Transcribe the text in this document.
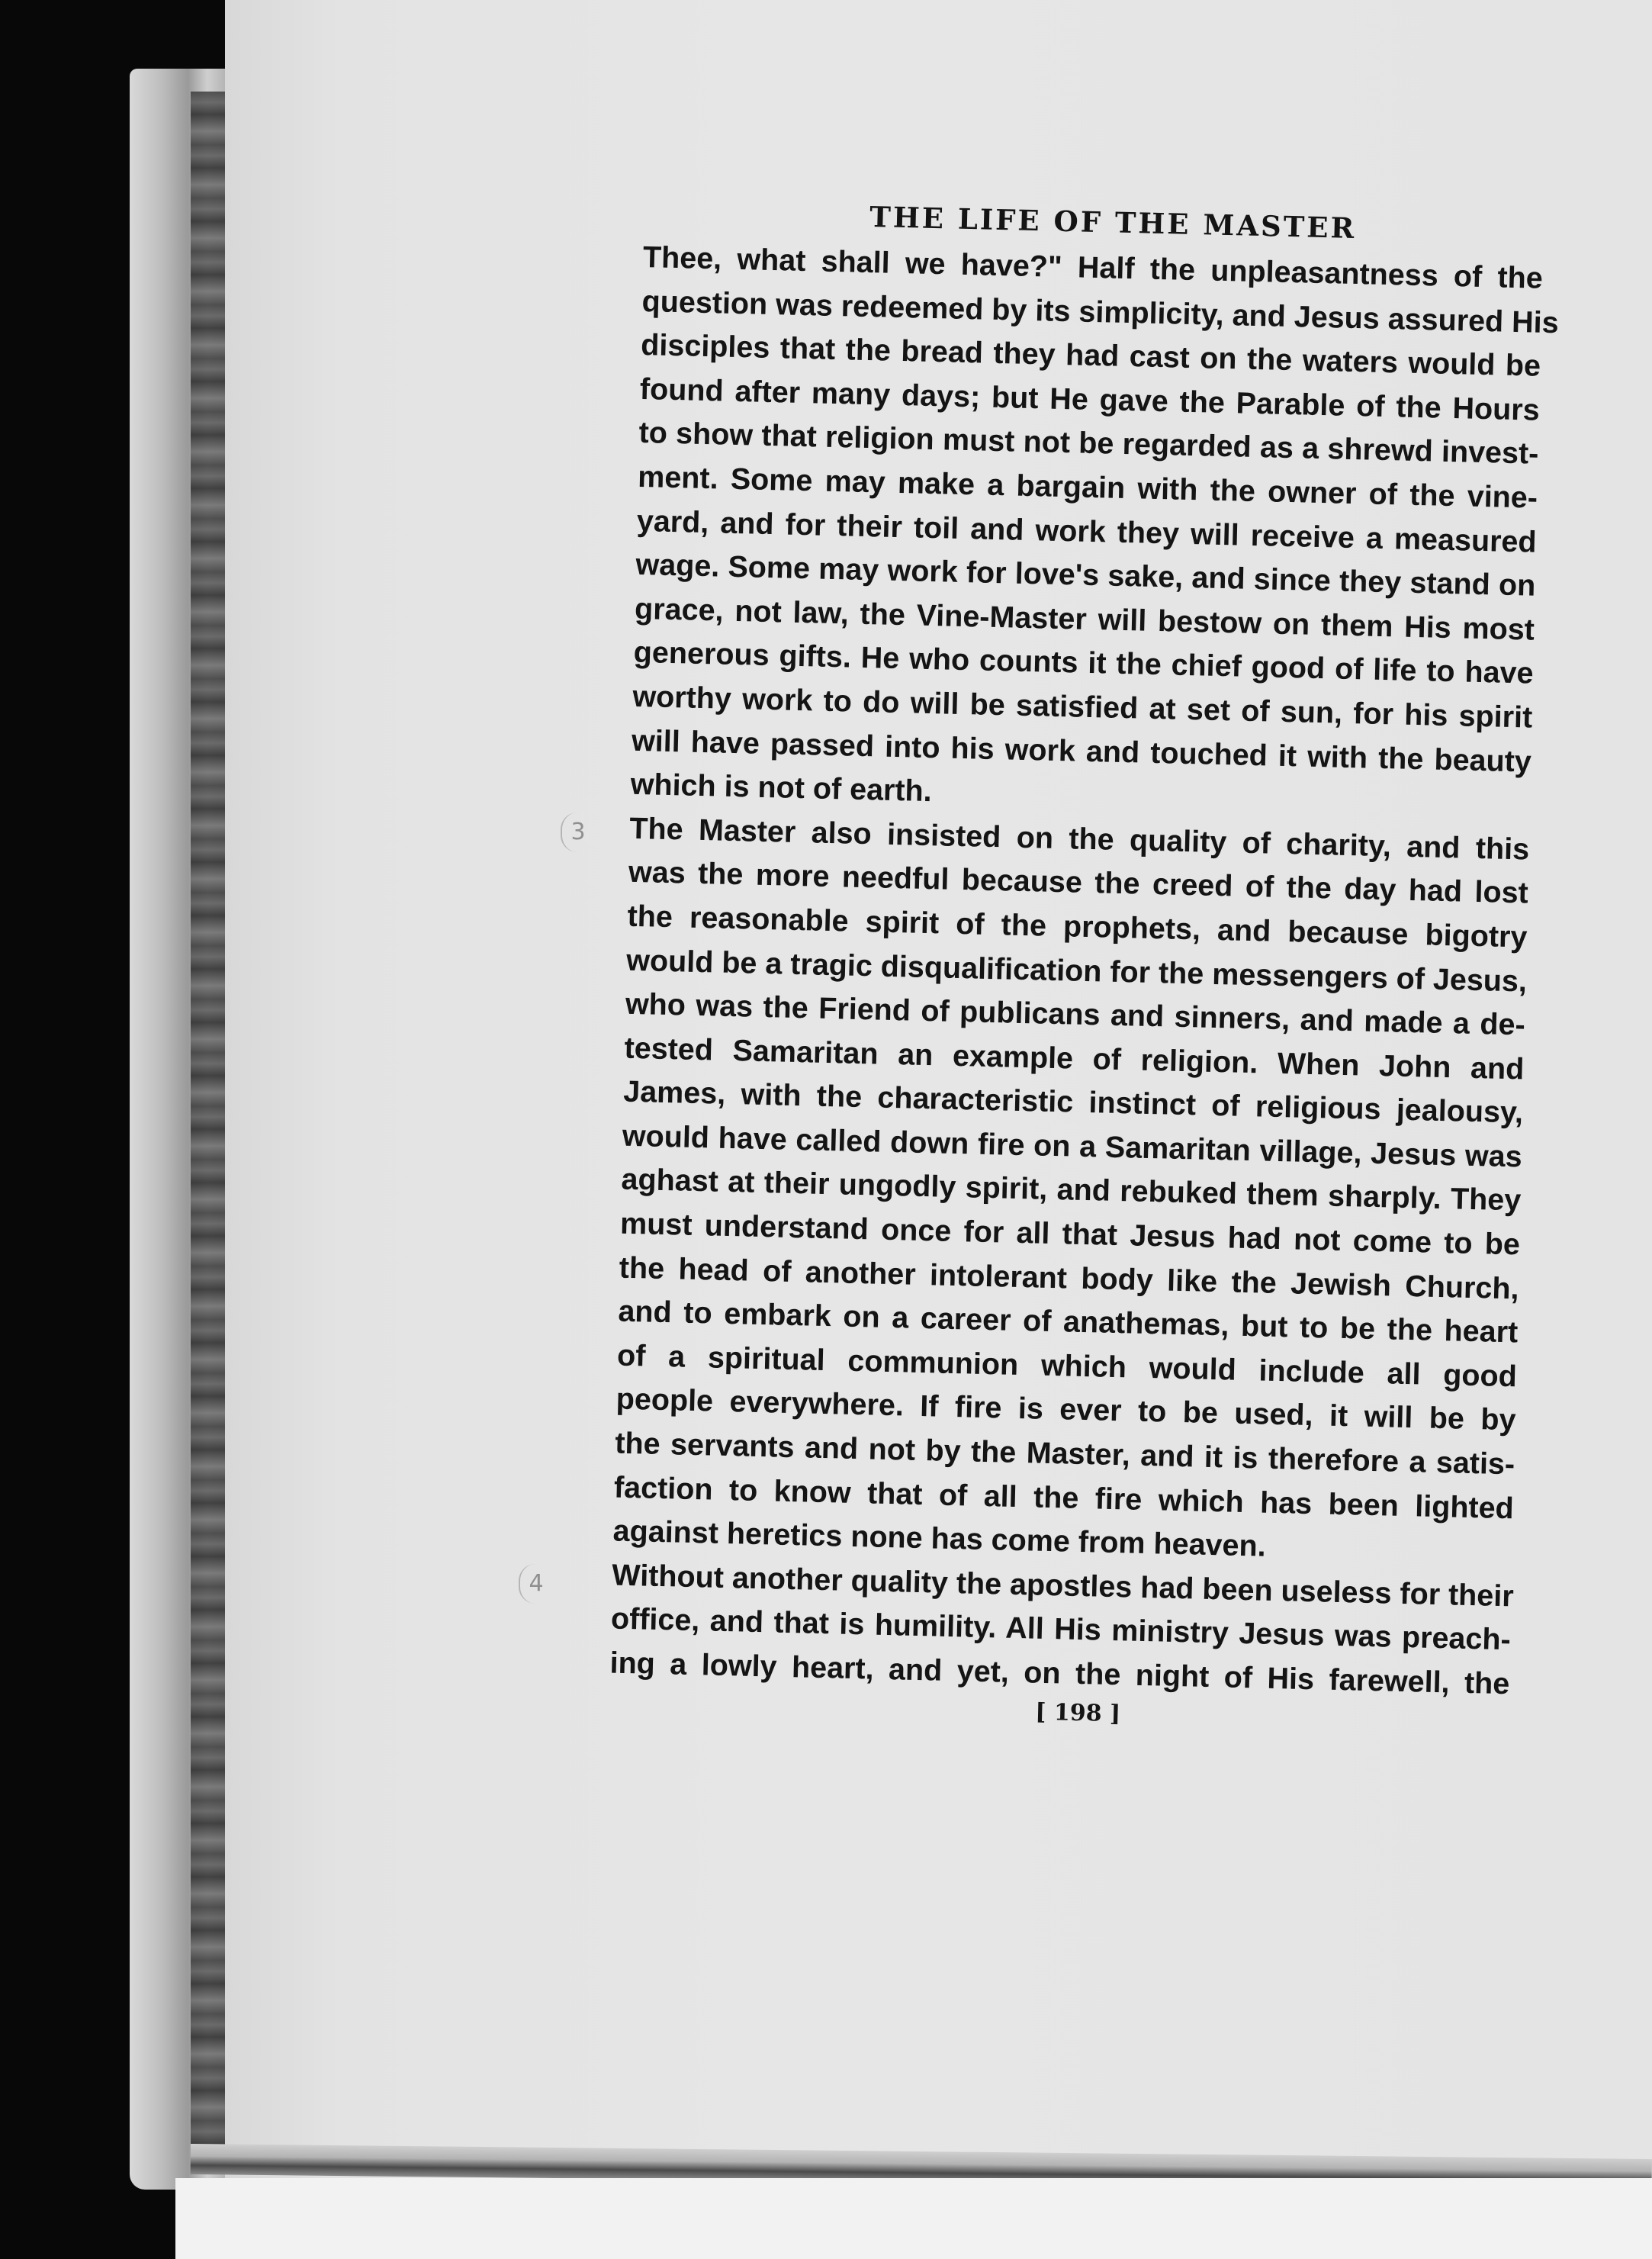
3
4
THE LIFE OF THE MASTER

Thee, what shall we have?" Half the unpleasantness of the

question was redeemed by its simplicity, and Jesus assured His

disciples that the bread they had cast on the waters would be

found after many days; but He gave the Parable of the Hours

to show that religion must not be regarded as a shrewd invest-

ment. Some may make a bargain with the owner of the vine-

yard, and for their toil and work they will receive a measured

wage. Some may work for love's sake, and since they stand on

grace, not law, the Vine-Master will bestow on them His most

generous gifts. He who counts it the chief good of life to have

worthy work to do will be satisfied at set of sun, for his spirit

will have passed into his work and touched it with the beauty

which is not of earth.

The Master also insisted on the quality of charity, and this

was the more needful because the creed of the day had lost

the reasonable spirit of the prophets, and because bigotry

would be a tragic disqualification for the messengers of Jesus,

who was the Friend of publicans and sinners, and made a de-

tested Samaritan an example of religion. When John and

James, with the characteristic instinct of religious jealousy,

would have called down fire on a Samaritan village, Jesus was

aghast at their ungodly spirit, and rebuked them sharply. They

must understand once for all that Jesus had not come to be

the head of another intolerant body like the Jewish Church,

and to embark on a career of anathemas, but to be the heart

of a spiritual communion which would include all good

people everywhere. If fire is ever to be used, it will be by

the servants and not by the Master, and it is therefore a satis-

faction to know that of all the fire which has been lighted

against heretics none has come from heaven.

Without another quality the apostles had been useless for their

office, and that is humility. All His ministry Jesus was preach-

ing a lowly heart, and yet, on the night of His farewell, the

[ 198 ]
